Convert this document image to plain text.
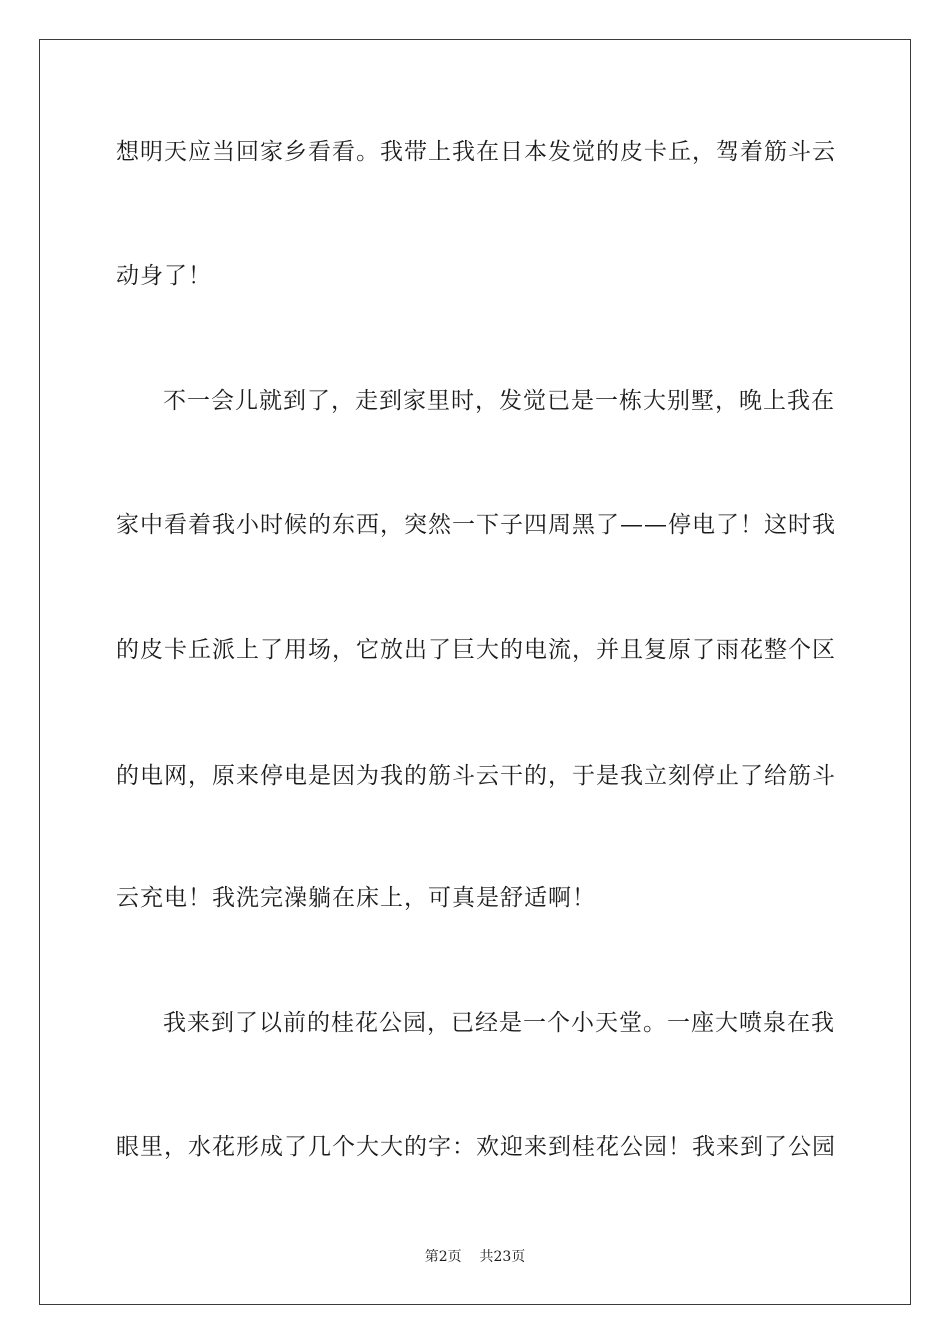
想明天应当回家乡看看。我带上我在日本发觉的皮卡丘，驾着筋斗云
动身了！
不一会儿就到了，走到家里时，发觉已是一栋大别墅，晚上我在
家中看着我小时候的东西，突然一下子四周黑了——停电了！这时我
的皮卡丘派上了用场，它放出了巨大的电流，并且复原了雨花整个区
的电网，原来停电是因为我的筋斗云干的，于是我立刻停止了给筋斗
云充电！我洗完澡躺在床上，可真是舒适啊！
我来到了以前的桂花公园，已经是一个小天堂。一座大喷泉在我
眼里，水花形成了几个大大的字：欢迎来到桂花公园！我来到了公园
第2页 共23页
